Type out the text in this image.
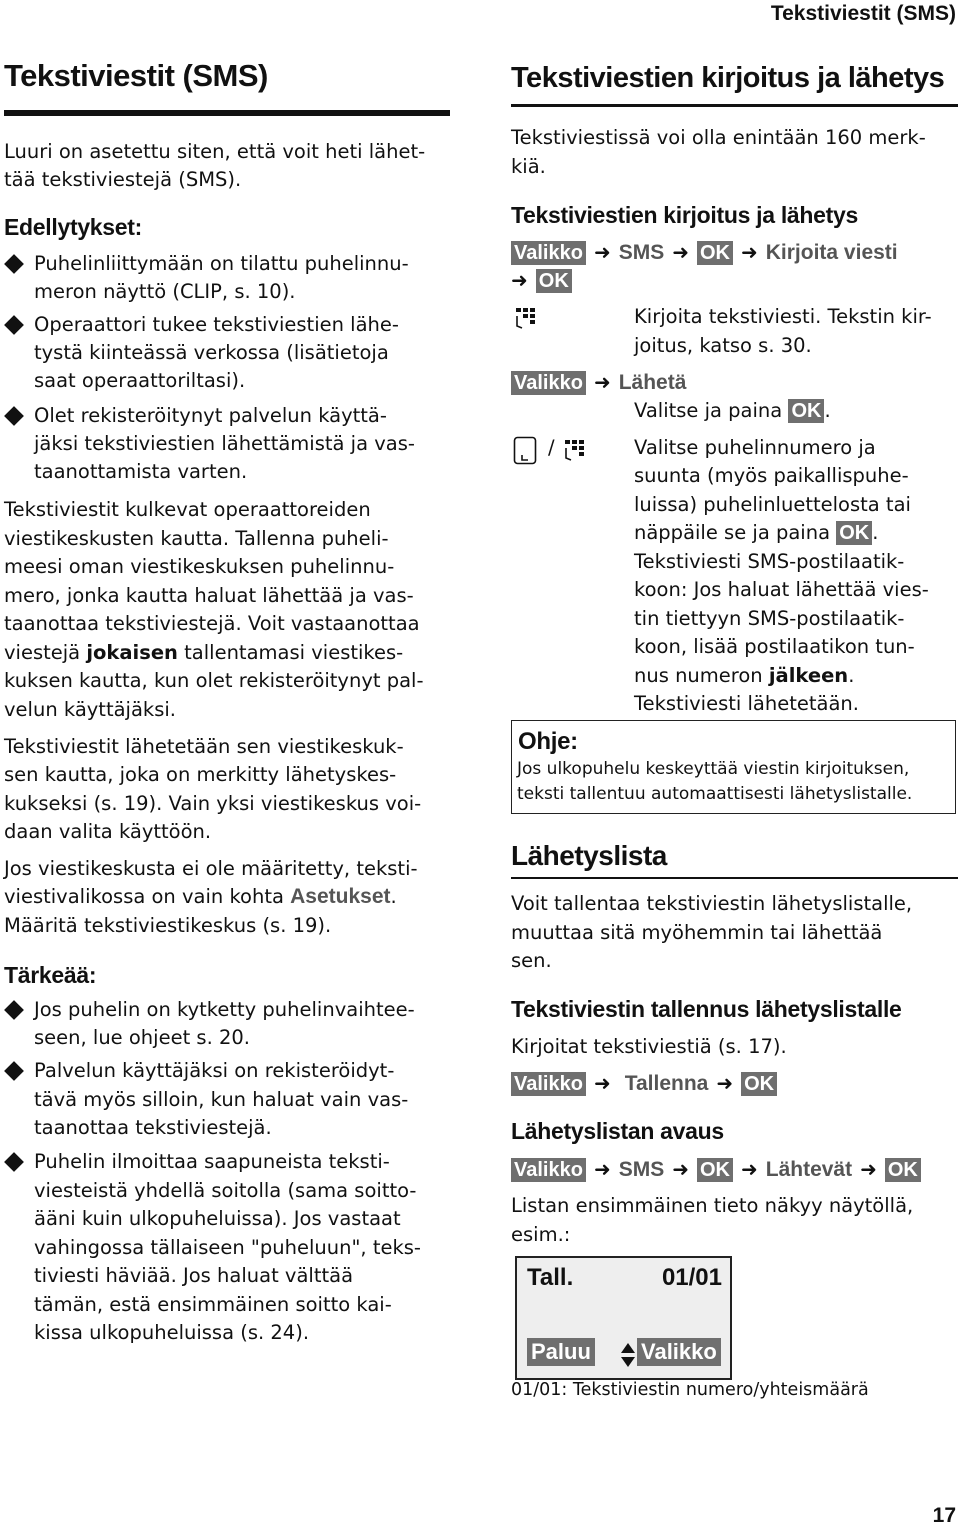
Tekstiviestit (SMS)
Tekstiviestit (SMS)
Luuri on asetettu siten, että voit heti lähet-
tää tekstiviestejä (SMS).
Edellytykset:
Puhelinliittymään on tilattu puhelinnu-
meron näyttö (CLIP, s. 10).
Operaattori tukee tekstiviestien lähe-
tystä kiinteässä verkossa (lisätietoja
saat operaattoriltasi).
Olet rekisteröitynyt palvelun käyttä-
jäksi tekstiviestien lähettämistä ja vas-
taanottamista varten.
Tekstiviestit kulkevat operaattoreiden
viestikeskusten kautta. Tallenna puheli-
meesi oman viestikeskuksen puhelinnu-
mero, jonka kautta haluat lähettää ja vas-
taanottaa tekstiviestejä. Voit vastaanottaa
viestejä jokaisen tallentamasi viestikes-
kuksen kautta, kun olet rekisteröitynyt pal-
velun käyttäjäksi.
Tekstiviestit lähetetään sen viestikeskuk-
sen kautta, joka on merkitty lähetyskes-
kukseksi (s. 19). Vain yksi viestikeskus voi-
daan valita käyttöön.
Jos viestikeskusta ei ole määritetty, teksti-
viestivalikossa on vain kohta Asetukset.
Määritä tekstiviestikeskus (s. 19).
Tärkeää:
Jos puhelin on kytketty puhelinvaihtee-
seen, lue ohjeet s. 20.
Palvelun käyttäjäksi on rekisteröidyt-
tävä myös silloin, kun haluat vain vas-
taanottaa tekstiviestejä.
Puhelin ilmoittaa saapuneista teksti-
viesteistä yhdellä soitolla (sama soitto-
ääni kuin ulkopuheluissa). Jos vastaat
vahingossa tällaiseen "puheluun", teks-
tiviesti häviää. Jos haluat välttää
tämän, estä ensimmäinen soitto kai-
kissa ulkopuheluissa (s. 24).
Tekstiviestien kirjoitus ja lähetys
Tekstiviestissä voi olla enintään 160 merk-
kiä.
Tekstiviestien kirjoitus ja lähetys
Valikko ➜ SMS ➜ OK ➜ Kirjoita viesti
➜ OK
Kirjoita tekstiviesti. Tekstin kir-
joitus, katso s. 30.
Valikko ➜ Lähetä
Valitse ja paina OK .
/	Valitse puhelinnumero ja
suunta (myös paikallispuhe-
luissa) puhelinluettelosta tai
näppäile se ja paina OK .
Tekstiviesti SMS-postilaatik-
koon: Jos haluat lähettää vies-
tin tiettyyn SMS-postilaatik-
koon, lisää postilaatikon tun-
nus numeron jälkeen.
Tekstiviesti lähetetään.
Ohje:
Jos ulkopuhelu keskeyttää viestin kirjoituksen,
teksti tallentuu automaattisesti lähetyslistalle.
Lähetyslista
Voit tallentaa tekstiviestin lähetyslistalle,
muuttaa sitä myöhemmin tai lähettää
sen.
Tekstiviestin tallennus lähetyslistalle
Kirjoitat tekstiviestiä (s. 17).
Valikko ➜ Tallenna ➜ OK
Lähetyslistan avaus
Valikko ➜ SMS ➜ OK ➜ Lähtevät ➜ OK
Listan ensimmäinen tieto näkyy näytöllä,
esim.:
Tall.	01/01
Paluu Valikko
01/01: Tekstiviestin numero/yhteismäärä
17
